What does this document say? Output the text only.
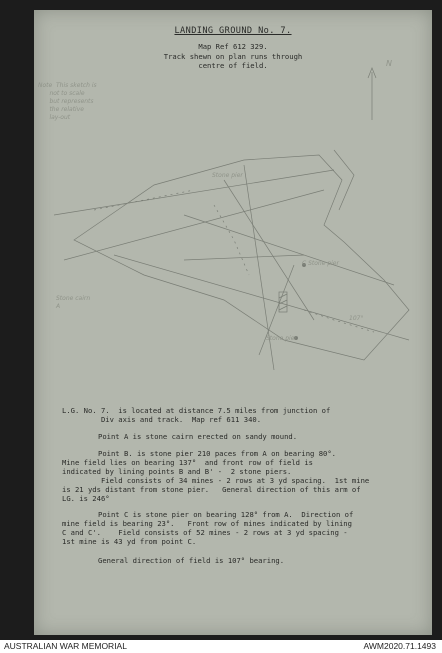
LANDING GROUND No. 7.
Map Ref 612 329.
Track shewn on plan runs through
centre of field.	N
Note  This sketch is
not to scale
but represents
the relative
lay-out
Stone pier
C Stone pier
Stone pier
107°
Stone cairn
A
L.G. No. 7.  is located at distance 7.5 miles from junction of
Div axis and track.  Map ref 611 340.
Point A is stone cairn erected on sandy mound.
Point B. is stone pier 210 paces from A on bearing 80°.
Mine field lies on bearing 137°  and front row of field is
indicated by lining points B and B' -  2 stone piers.
Field consists of 34 mines - 2 rows at 3 yd spacing.  1st mine
is 21 yds distant from stone pier.   General direction of this arm of
LG. is 246°
Point C is stone pier on bearing 128° from A.  Direction of
mine field is bearing 23°.   Front row of mines indicated by lining
C and C'.    Field consists of 52 mines - 2 rows at 3 yd spacing -
1st mine is 43 yd from point C.
General direction of field is 107° bearing.
AUSTRALIAN WAR MEMORIAL	AWM2020.71.1493
